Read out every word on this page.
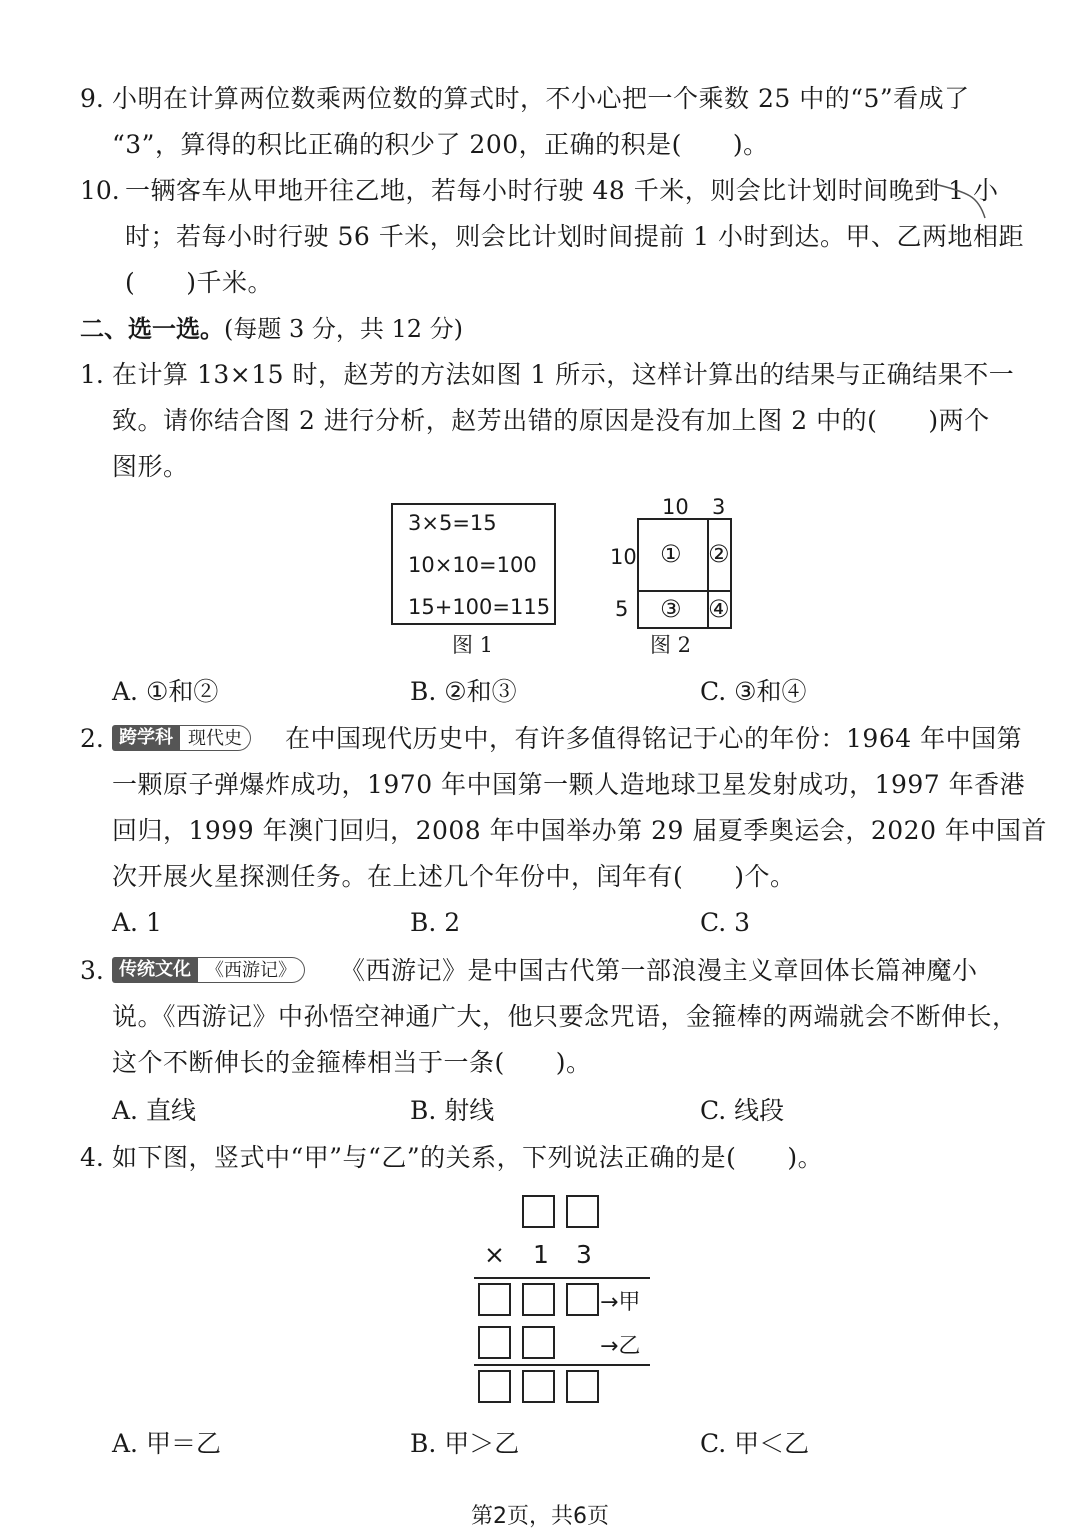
9. 小明在计算两位数乘两位数的算式时，不小心把一个乘数 25 中的“5”看成了
“3”，算得的积比正确的积少了 200，正确的积是(　　)。
10. 一辆客车从甲地开往乙地，若每小时行驶 48 千米，则会比计划时间晚到 1 小
时；若每小时行驶 56 千米，则会比计划时间提前 1 小时到达。甲、乙两地相距
(　　)千米。
二、选一选。(每题 3 分，共 12 分)
1. 在计算 13×15 时，赵芳的方法如图 1 所示，这样计算出的结果与正确结果不一
致。请你结合图 2 进行分析，赵芳出错的原因是没有加上图 2 中的(　　)两个
图形。
3×5=15
10×10=100
15+100=115
图 1
10 3
10
5
① ②
③ ④
图 2
A. ①和②	B. ②和③	C. ③和④
2. 跨学科 现代史	在中国现代历史中，有许多值得铭记于心的年份：1964 年中国第
一颗原子弹爆炸成功，1970 年中国第一颗人造地球卫星发射成功，1997 年香港
回归，1999 年澳门回归，2008 年中国举办第 29 届夏季奥运会，2020 年中国首
次开展火星探测任务。在上述几个年份中，闰年有(　　)个。
A. 1	B. 2	C. 3
3. 传统文化 《西游记》	《西游记》是中国古代第一部浪漫主义章回体长篇神魔小
说。《西游记》中孙悟空神通广大，他只要念咒语，金箍棒的两端就会不断伸长，
这个不断伸长的金箍棒相当于一条(　　)。
A. 直线	B. 射线	C. 线段
4. 如下图，竖式中“甲”与“乙”的关系，下列说法正确的是(　　)。
× 1 3
→甲
→乙
A. 甲＝乙	B. 甲＞乙	C. 甲＜乙
第2页，共6页
